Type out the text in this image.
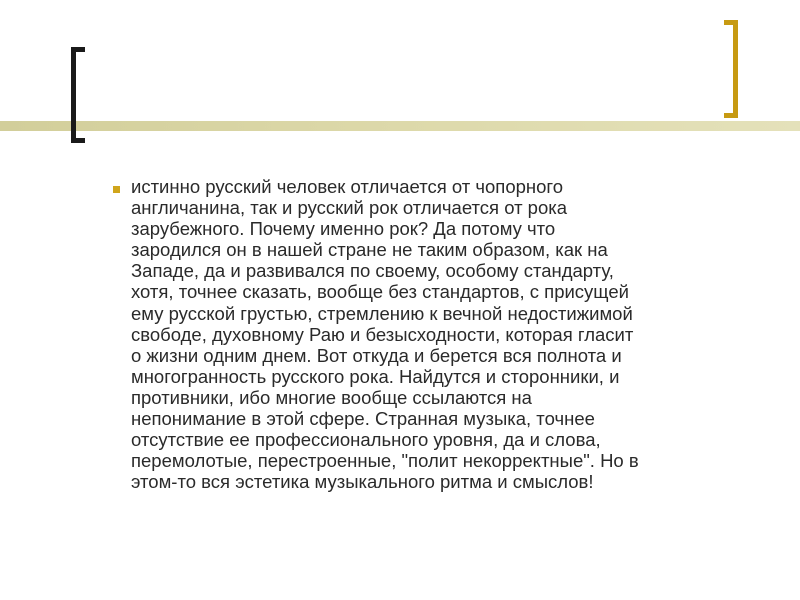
истинно русский человек отличается от чопорного
англичанина, так и русский рок отличается от рока
зарубежного. Почему именно рок? Да потому что
зародился он в нашей стране не таким образом, как на
Западе, да и развивался по своему, особому стандарту,
хотя, точнее сказать, вообще без стандартов, с присущей
ему русской грустью, стремлению к вечной недостижимой
свободе, духовному Раю и безысходности, которая гласит
о жизни одним днем. Вот откуда и берется вся полнота и
многогранность русского рока. Найдутся и сторонники, и
противники, ибо многие вообще ссылаются на
непонимание в этой сфере. Странная музыка, точнее
отсутствие ее профессионального уровня, да и слова,
перемолотые, перестроенные, "полит некорректные". Но в
этом-то вся эстетика музыкального ритма и смыслов!
